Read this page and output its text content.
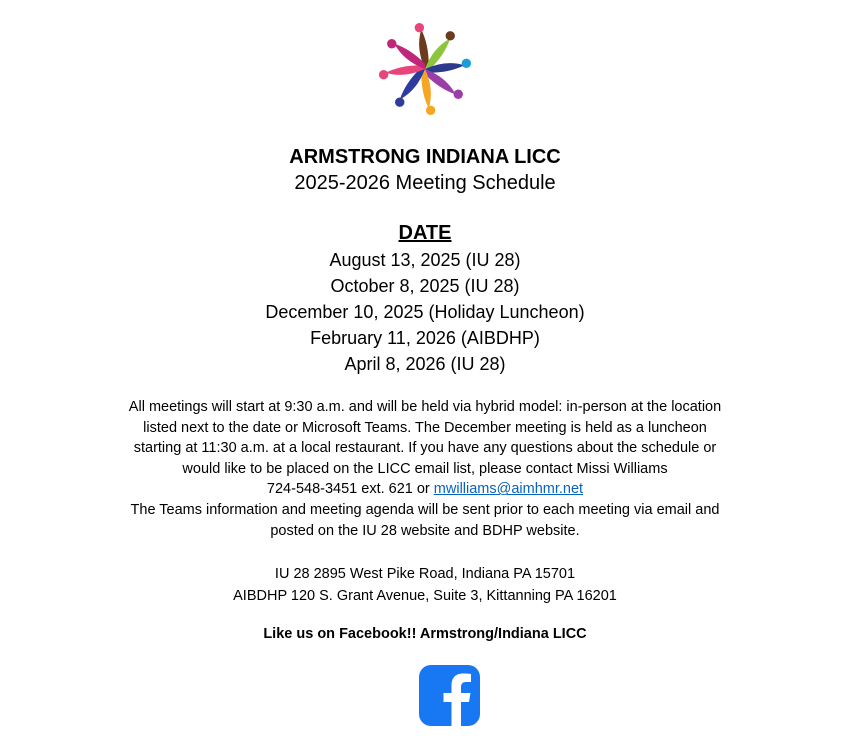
ARMSTRONG INDIANA LICC
2025-2026 Meeting Schedule
DATE
August 13, 2025 (IU 28)
October 8, 2025 (IU 28)
December 10, 2025 (Holiday Luncheon)
February 11, 2026 (AIBDHP)
April 8, 2026 (IU 28)
All meetings will start at 9:30 a.m. and will be held via hybrid model: in-person at the location
listed next to the date or Microsoft Teams. The December meeting is held as a luncheon
starting at 11:30 a.m. at a local restaurant. If you have any questions about the schedule or
would like to be placed on the LICC email list, please contact Missi Williams
724-548-3451 ext. 621 or mwilliams@aimhmr.net
The Teams information and meeting agenda will be sent prior to each meeting via email and
posted on the IU 28 website and BDHP website.
IU 28 2895 West Pike Road, Indiana PA 15701
AIBDHP 120 S. Grant Avenue, Suite 3, Kittanning PA 16201
Like us on Facebook!! Armstrong/Indiana LICC
